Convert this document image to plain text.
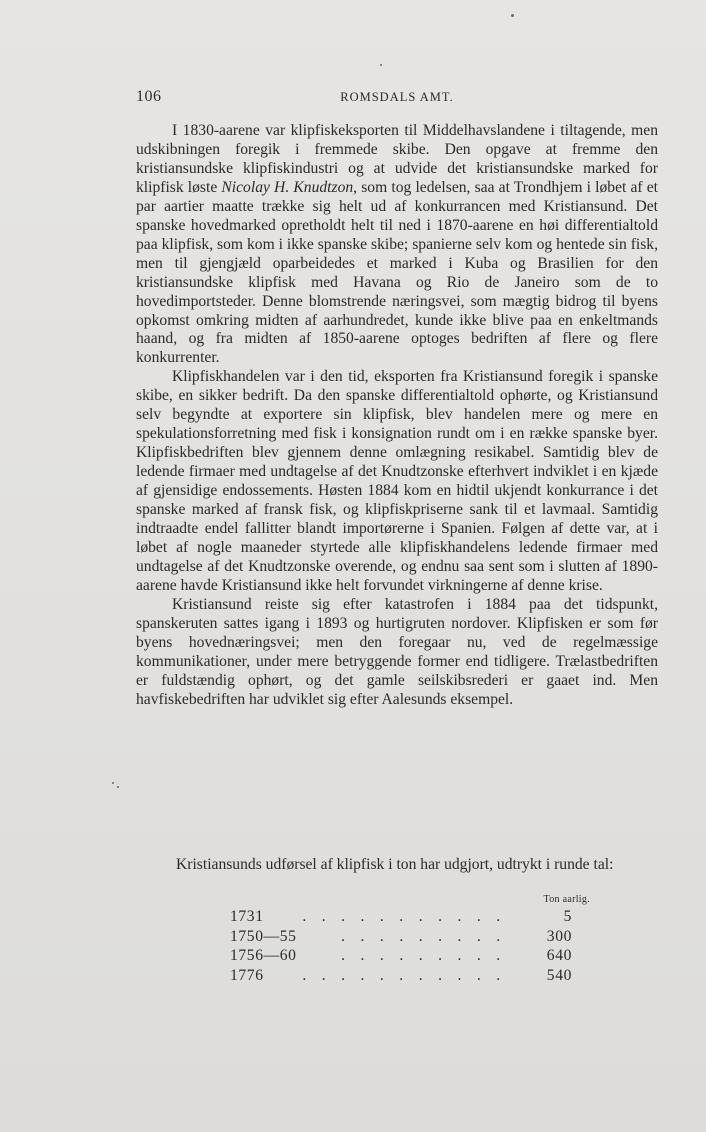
106	ROMSDALS AMT.

I 1830-aarene var klipfiskeksporten til Middelhavslandene i tiltagende, men udskibningen foregik i fremmede skibe. Den opgave at fremme den kristiansundske klipfiskindustri og at udvide det kristiansundske marked for klipfisk løste Nicolay H. Knudtzon, som tog ledelsen, saa at Trondhjem i løbet af et par aartier maatte trække sig helt ud af konkurrancen med Kristiansund. Det spanske hovedmarked opretholdt helt til ned i 1870-aarene en høi differentialtold paa klipfisk, som kom i ikke spanske skibe; spanierne selv kom og hentede sin fisk, men til gjengjæld oparbeidedes et marked i Kuba og Brasilien for den kristiansundske klipfisk med Havana og Rio de Janeiro som de to hovedimportsteder. Denne blomstrende næringsvei, som mægtig bidrog til byens opkomst omkring midten af aarhundredet, kunde ikke blive paa en enkeltmands haand, og fra midten af 1850-aarene optoges bedriften af flere og flere konkurrenter.

Klipfiskhandelen var i den tid, eksporten fra Kristiansund foregik i spanske skibe, en sikker bedrift. Da den spanske differentialtold ophørte, og Kristiansund selv begyndte at exportere sin klipfisk, blev handelen mere og mere en spekulationsforretning med fisk i konsignation rundt om i en række spanske byer. Klipfiskbedriften blev gjennem denne omlægning resikabel. Samtidig blev de ledende firmaer med undtagelse af det Knudtzonske efterhvert indviklet i en kjæde af gjensidige endossements. Høsten 1884 kom en hidtil ukjendt konkurrance i det spanske marked af fransk fisk, og klipfiskpriserne sank til et lavmaal. Samtidig indtraadte endel fallitter blandt importørerne i Spanien. Følgen af dette var, at i løbet af nogle maaneder styrtede alle klipfiskhandelens ledende firmaer med undtagelse af det Knudtzonske overende, og endnu saa sent som i slutten af 1890-aarene havde Kristiansund ikke helt forvundet virkningerne af denne krise.

Kristiansund reiste sig efter katastrofen i 1884 paa det tidspunkt, spanskeruten sattes igang i 1893 og hurtigruten nordover. Klipfisken er som før byens hovednæringsvei; men den foregaar nu, ved de regelmæssige kommunikationer, under mere betryggende former end tidligere. Trælastbedriften er fuldstændig ophørt, og det gamle seilskibsrederi er gaaet ind. Men havfiskebedriften har udviklet sig efter Aalesunds eksempel.

Kristiansunds udførsel af klipfisk i ton har udgjort, udtrykt i runde tal:
Ton aarlig.
1731	. . . . . . . . . . .	5
1750—55	. . . . . . . . .	300
1756—60	. . . . . . . . .	640
1776	. . . . . . . . . . .	540
